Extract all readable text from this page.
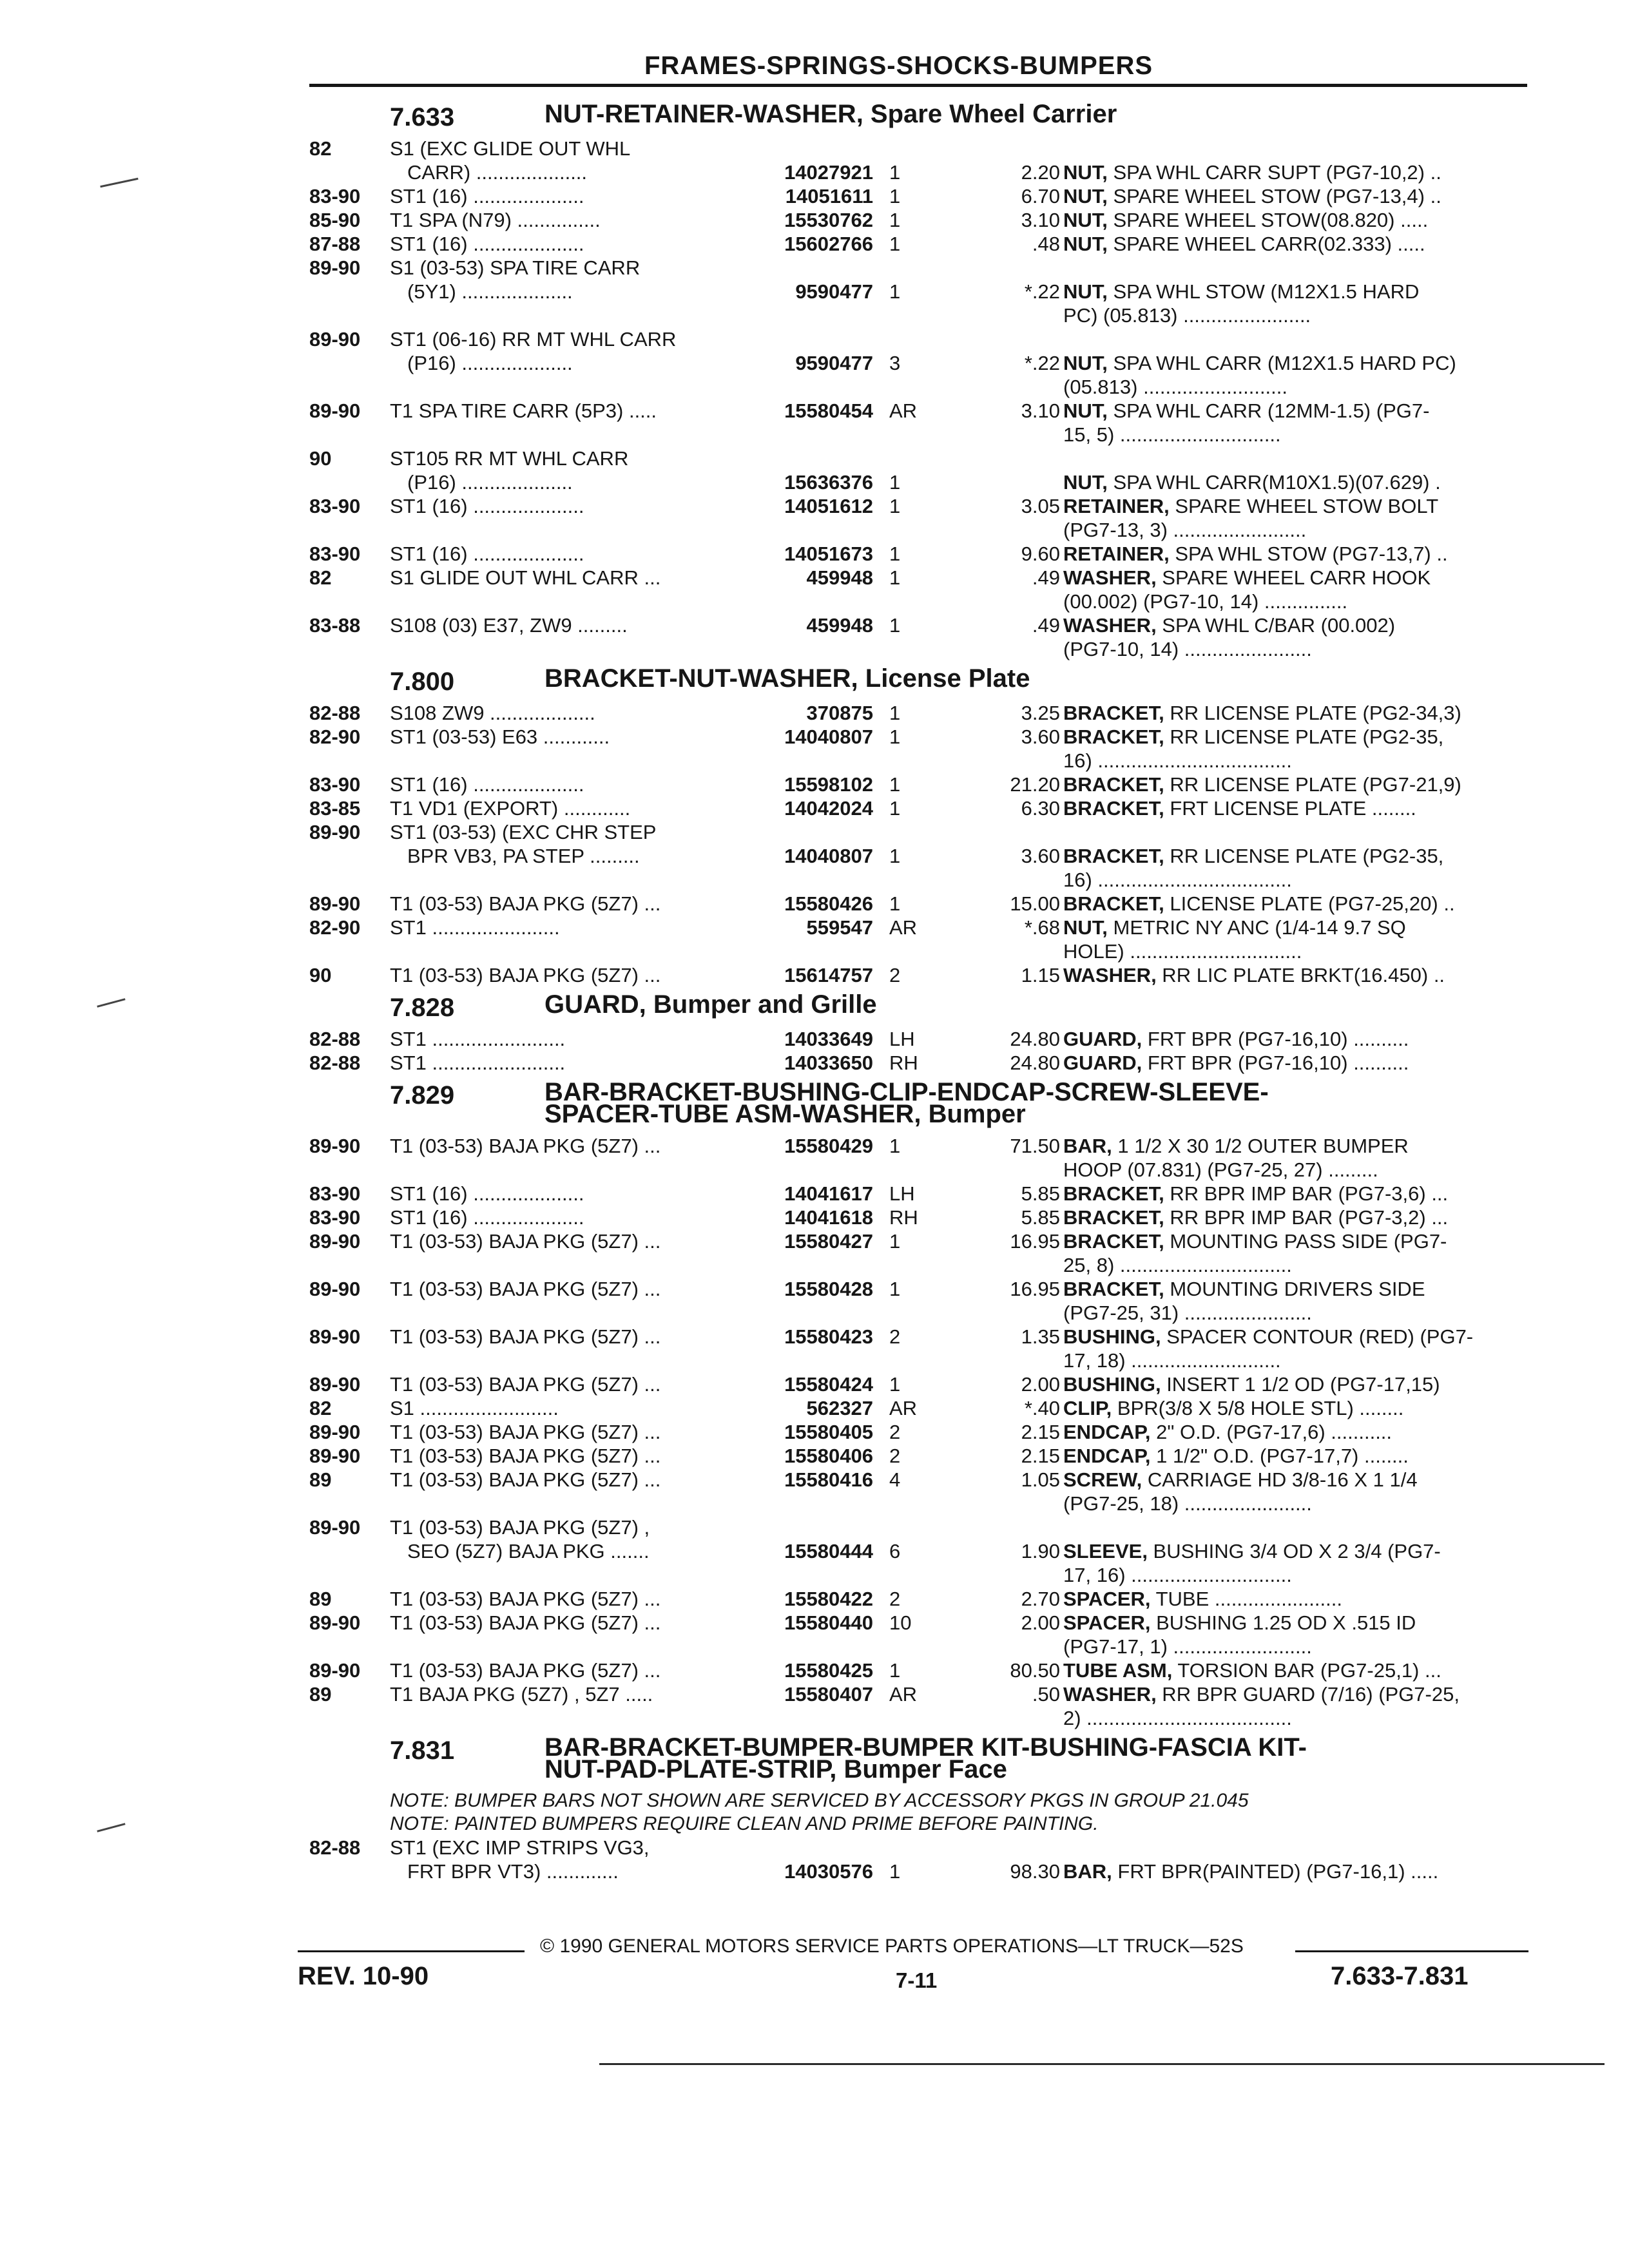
FRAMES-SPRINGS-SHOCKS-BUMPERS
7.633	NUT-RETAINER-WASHER, Spare Wheel Carrier
82	S1 (EXC GLIDE OUT WHL
CARR) ....................	14027921 1	2.20 NUT, SPA WHL CARR SUPT (PG7-10,2) ..
83-90 ST1 (16) ....................	14051611 1	6.70 NUT, SPARE WHEEL STOW (PG7-13,4) ..
85-90 T1 SPA (N79) ...............	15530762 1	3.10 NUT, SPARE WHEEL STOW(08.820) .....
87-88 ST1 (16) ....................	15602766 1	.48 NUT, SPARE WHEEL CARR(02.333) .....
89-90 S1 (03-53) SPA TIRE CARR
(5Y1) ....................	9590477 1	*.22 NUT, SPA WHL STOW (M12X1.5 HARD
PC) (05.813) .......................
89-90 ST1 (06-16) RR MT WHL CARR
(P16) ....................	9590477 3	*.22 NUT, SPA WHL CARR (M12X1.5 HARD PC)
(05.813) ..........................
89-90 T1 SPA TIRE CARR (5P3) .....	15580454 AR	3.10 NUT, SPA WHL CARR (12MM-1.5) (PG7-
15, 5) .............................
90	ST105 RR MT WHL CARR
(P16) ....................	15636376 1	NUT, SPA WHL CARR(M10X1.5)(07.629) .
83-90 ST1 (16) ....................	14051612 1	3.05 RETAINER, SPARE WHEEL STOW BOLT
(PG7-13, 3) ........................
83-90 ST1 (16) ....................	14051673 1	9.60 RETAINER, SPA WHL STOW (PG7-13,7) ..
82	S1 GLIDE OUT WHL CARR ...	459948 1	.49 WASHER, SPARE WHEEL CARR HOOK
(00.002) (PG7-10, 14) ...............
83-88 S108 (03) E37, ZW9 .........	459948 1	.49 WASHER, SPA WHL C/BAR (00.002)
(PG7-10, 14) .......................
7.800	BRACKET-NUT-WASHER, License Plate
82-88 S108 ZW9 ...................	370875 1	3.25 BRACKET, RR LICENSE PLATE (PG2-34,3)
82-90 ST1 (03-53) E63 ............	14040807 1	3.60 BRACKET, RR LICENSE PLATE (PG2-35,
16) ...................................
83-90 ST1 (16) ....................	15598102 1	21.20 BRACKET, RR LICENSE PLATE (PG7-21,9)
83-85 T1 VD1 (EXPORT) ............	14042024 1	6.30 BRACKET, FRT LICENSE PLATE ........
89-90 ST1 (03-53) (EXC CHR STEP
BPR VB3, PA STEP .........	14040807 1	3.60 BRACKET, RR LICENSE PLATE (PG2-35,
16) ...................................
89-90 T1 (03-53) BAJA PKG (5Z7) ...	15580426 1	15.00 BRACKET, LICENSE PLATE (PG7-25,20) ..
82-90 ST1 .......................	559547 AR	*.68 NUT, METRIC NY ANC (1/4-14 9.7 SQ
HOLE) ...............................
90	T1 (03-53) BAJA PKG (5Z7) ...	15614757 2	1.15 WASHER, RR LIC PLATE BRKT(16.450) ..
7.828	GUARD, Bumper and Grille
82-88 ST1 ........................	14033649 LH	24.80 GUARD, FRT BPR (PG7-16,10) ..........
82-88 ST1 ........................	14033650 RH	24.80 GUARD, FRT BPR (PG7-16,10) ..........
7.829	BAR-BRACKET-BUSHING-CLIP-ENDCAP-SCREW-SLEEVE-
SPACER-TUBE ASM-WASHER, Bumper
89-90 T1 (03-53) BAJA PKG (5Z7) ...	15580429 1	71.50 BAR, 1 1/2 X 30 1/2 OUTER BUMPER
HOOP (07.831) (PG7-25, 27) .........
83-90 ST1 (16) ....................	14041617 LH	5.85 BRACKET, RR BPR IMP BAR (PG7-3,6) ...
83-90 ST1 (16) ....................	14041618 RH	5.85 BRACKET, RR BPR IMP BAR (PG7-3,2) ...
89-90 T1 (03-53) BAJA PKG (5Z7) ...	15580427 1	16.95 BRACKET, MOUNTING PASS SIDE (PG7-
25, 8) ...............................
89-90 T1 (03-53) BAJA PKG (5Z7) ...	15580428 1	16.95 BRACKET, MOUNTING DRIVERS SIDE
(PG7-25, 31) .......................
89-90 T1 (03-53) BAJA PKG (5Z7) ...	15580423 2	1.35 BUSHING, SPACER CONTOUR (RED) (PG7-
17, 18) ...........................
89-90 T1 (03-53) BAJA PKG (5Z7) ...	15580424 1	2.00 BUSHING, INSERT 1 1/2 OD (PG7-17,15)
82	S1 .........................	562327 AR	*.40 CLIP, BPR(3/8 X 5/8 HOLE STL) ........
89-90 T1 (03-53) BAJA PKG (5Z7) ...	15580405 2	2.15 ENDCAP, 2" O.D. (PG7-17,6) ...........
89-90 T1 (03-53) BAJA PKG (5Z7) ...	15580406 2	2.15 ENDCAP, 1 1/2" O.D. (PG7-17,7) ........
89	T1 (03-53) BAJA PKG (5Z7) ...	15580416 4	1.05 SCREW, CARRIAGE HD 3/8-16 X 1 1/4
(PG7-25, 18) .......................
89-90 T1 (03-53) BAJA PKG (5Z7) ,
SEO (5Z7) BAJA PKG .......	15580444 6	1.90 SLEEVE, BUSHING 3/4 OD X 2 3/4 (PG7-
17, 16) .............................
89	T1 (03-53) BAJA PKG (5Z7) ...	15580422 2	2.70 SPACER, TUBE .......................
89-90 T1 (03-53) BAJA PKG (5Z7) ...	15580440 10	2.00 SPACER, BUSHING 1.25 OD X .515 ID
(PG7-17, 1) .........................
89-90 T1 (03-53) BAJA PKG (5Z7) ...	15580425 1	80.50 TUBE ASM, TORSION BAR (PG7-25,1) ...
89	T1 BAJA PKG (5Z7) , 5Z7 .....	15580407 AR	.50 WASHER, RR BPR GUARD (7/16) (PG7-25,
2) .....................................
7.831	BAR-BRACKET-BUMPER-BUMPER KIT-BUSHING-FASCIA KIT-
NUT-PAD-PLATE-STRIP, Bumper Face
NOTE: BUMPER BARS NOT SHOWN ARE SERVICED BY ACCESSORY PKGS IN GROUP 21.045
NOTE: PAINTED BUMPERS REQUIRE CLEAN AND PRIME BEFORE PAINTING.
82-88 ST1 (EXC IMP STRIPS VG3,
FRT BPR VT3) .............	14030576 1	98.30 BAR, FRT BPR(PAINTED) (PG7-16,1) .....
© 1990 GENERAL MOTORS SERVICE PARTS OPERATIONS—LT TRUCK—52S
REV. 10-90	7-11	7.633-7.831
